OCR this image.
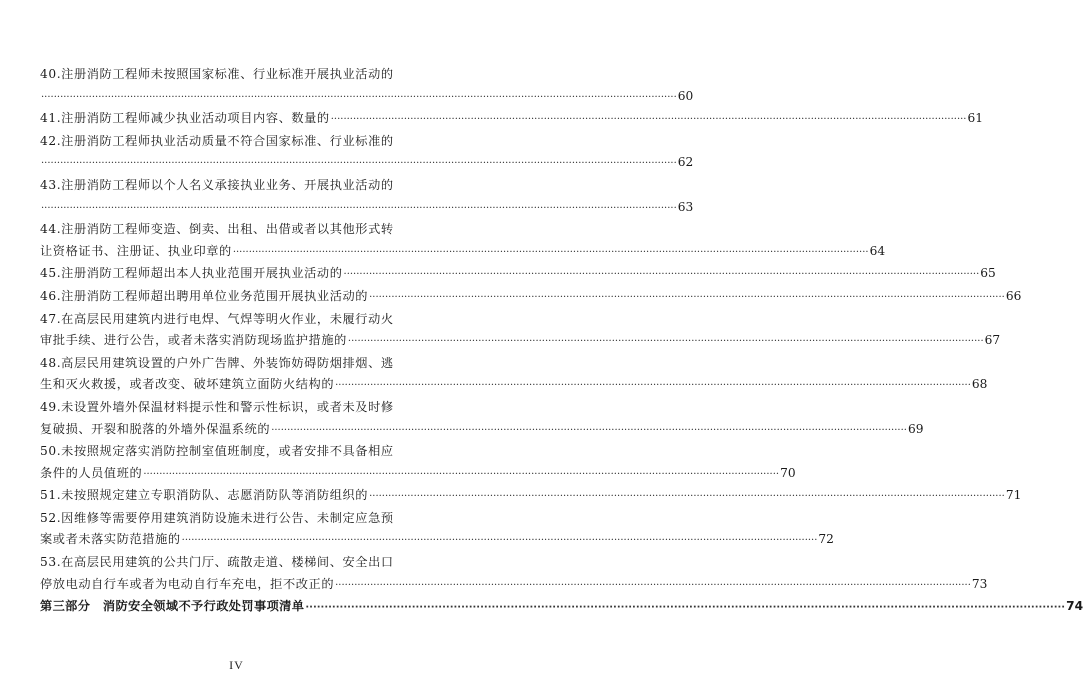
40.注册消防工程师未按照国家标准、行业标准开展执业活动的
········································································································································································································ 60
41.注册消防工程师减少执业活动项目内容、数量的 ········································································································································································································ 61
42.注册消防工程师执业活动质量不符合国家标准、行业标准的
········································································································································································································ 62
43.注册消防工程师以个人名义承接执业业务、开展执业活动的
········································································································································································································ 63
44.注册消防工程师变造、倒卖、出租、出借或者以其他形式转
让资格证书、注册证、执业印章的 ········································································································································································································ 64
45.注册消防工程师超出本人执业范围开展执业活动的 ········································································································································································································ 65
46.注册消防工程师超出聘用单位业务范围开展执业活动的 ········································································································································································································ 66
47.在高层民用建筑内进行电焊、气焊等明火作业，未履行动火
审批手续、进行公告，或者未落实消防现场监护措施的 ········································································································································································································ 67
48.高层民用建筑设置的户外广告牌、外装饰妨碍防烟排烟、逃
生和灭火救援，或者改变、破坏建筑立面防火结构的 ········································································································································································································ 68
49.未设置外墙外保温材料提示性和警示性标识，或者未及时修
复破损、开裂和脱落的外墙外保温系统的 ········································································································································································································ 69
50.未按照规定落实消防控制室值班制度，或者安排不具备相应
条件的人员值班的 ········································································································································································································ 70
51.未按照规定建立专职消防队、志愿消防队等消防组织的 ········································································································································································································ 71
52.因维修等需要停用建筑消防设施未进行公告、未制定应急预
案或者未落实防范措施的 ········································································································································································································ 72
53.在高层民用建筑的公共门厅、疏散走道、楼梯间、安全出口
停放电动自行车或者为电动自行车充电，拒不改正的 ········································································································································································································ 73
第三部分　消防安全领域不予行政处罚事项清单 ········································································································································································································ 74
IV
